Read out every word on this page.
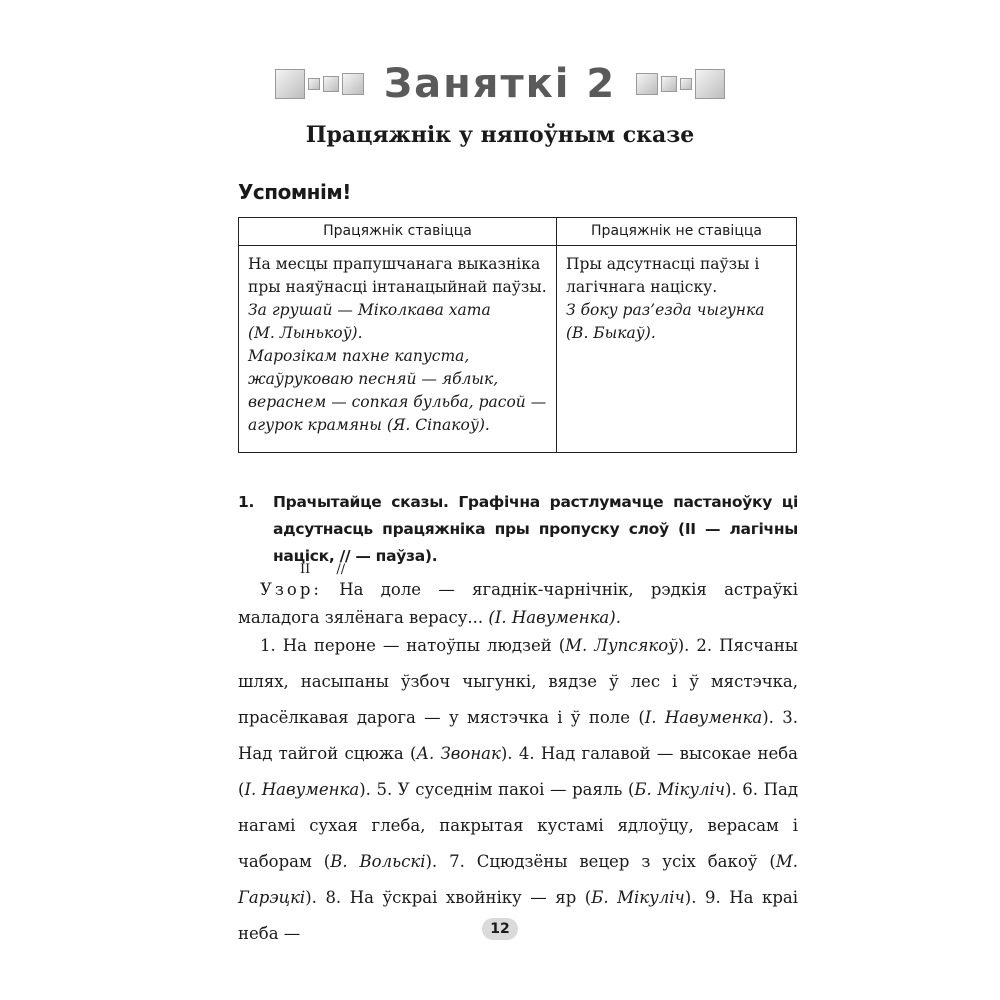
Заняткі 2
Працяжнік у няпоўным сказе
Успомнім!
Працяжнік ставіцца	Працяжнік не ставіцца

На месцы прапушчанага выказніка пры наяўнасці інтанацыйнай паўзы.

За грушай — Міколкава хата
(М. Лынькоў).

Марозікам пахне капуста, жаўруковаю песняй — яблык, вераснем — сопкая бульба, расой — агурок крамяны (Я. Сіпакоў).

Пры адсутнасці паўзы і лагічнага націску.

З боку раз’езда чыгунка
(В. Быкаў).

1. Прачытайце сказы. Графічна растлумачце пастаноўку ці адсутнасць працяжніка пры пропуску слоў (ІІ — лагічны націск, // — паўза).
ІІ //
Узор: На доле — ягаднік-чарнічнік, рэдкія астраўкі маладога зялёнага верасу... (І. Навуменка).

1. На пероне — натоўпы людзей (М. Лупсякоў). 2. Пясчаны шлях, насыпаны ўзбоч чыгункі, вядзе ў лес і ў мястэчка, прасёлкавая дарога — у мястэчка і ў поле (І. Навуменка). 3. Над тайгой сцюжа (А. Звонак). 4. Над галавой — высокае неба (І. Навуменка). 5. У суседнім пакоі — раяль (Б. Мікуліч). 6. Пад нагамі сухая глеба, пакрытая кустамі ядлоўцу, верасам і чаборам (В. Вольскі). 7. Сцюдзёны вецер з усіх бакоў (М. Гарэцкі). 8. На ўскраі хвойніку — яр (Б. Мікуліч). 9. На краі неба —	12
